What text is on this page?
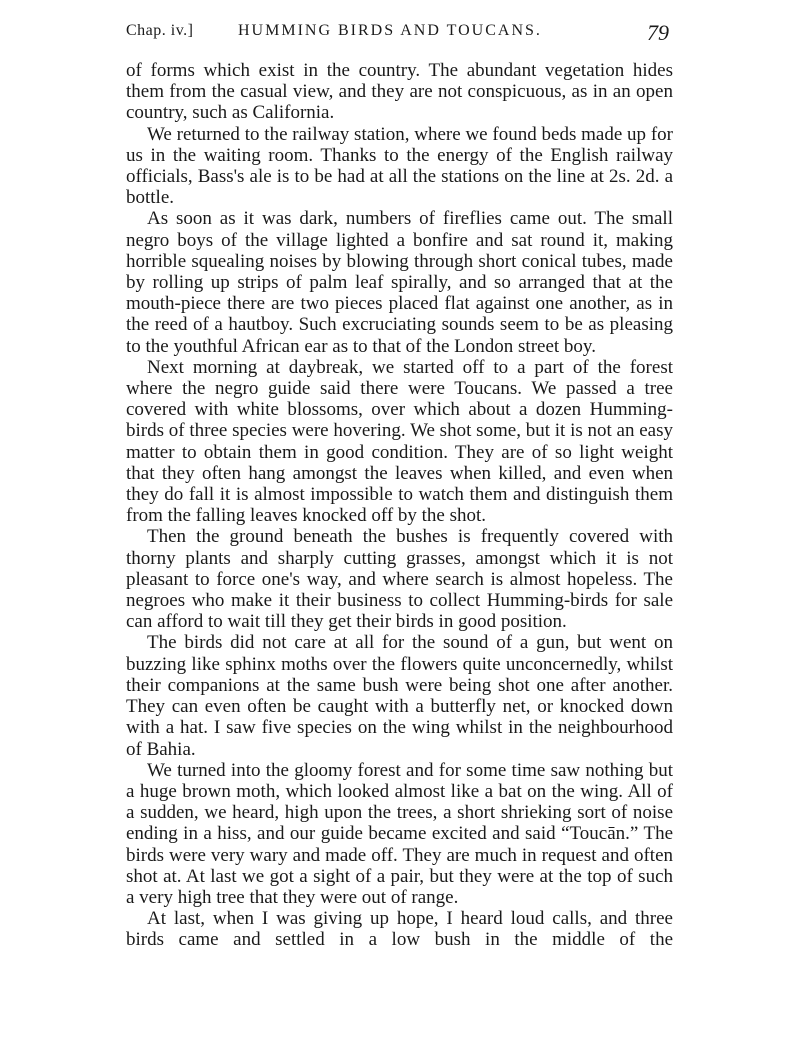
Chap. iv.]	HUMMING BIRDS AND TOUCANS.	79

of forms which exist in the country. The abundant vegetation hides them from the casual view, and they are not conspicuous, as in an open country, such as California.

We returned to the railway station, where we found beds made up for us in the waiting room. Thanks to the energy of the English railway officials, Bass's ale is to be had at all the stations on the line at 2s. 2d. a bottle.

As soon as it was dark, numbers of fireflies came out. The small negro boys of the village lighted a bonfire and sat round it, making horrible squealing noises by blowing through short conical tubes, made by rolling up strips of palm leaf spirally, and so arranged that at the mouth-piece there are two pieces placed flat against one another, as in the reed of a hautboy. Such excruciating sounds seem to be as pleasing to the youthful African ear as to that of the London street boy.

Next morning at daybreak, we started off to a part of the forest where the negro guide said there were Toucans. We passed a tree covered with white blossoms, over which about a dozen Humming-birds of three species were hovering. We shot some, but it is not an easy matter to obtain them in good condition. They are of so light weight that they often hang amongst the leaves when killed, and even when they do fall it is almost impossible to watch them and distinguish them from the falling leaves knocked off by the shot.

Then the ground beneath the bushes is frequently covered with thorny plants and sharply cutting grasses, amongst which it is not pleasant to force one's way, and where search is almost hopeless. The negroes who make it their business to collect Humming-birds for sale can afford to wait till they get their birds in good position.

The birds did not care at all for the sound of a gun, but went on buzzing like sphinx moths over the flowers quite unconcernedly, whilst their companions at the same bush were being shot one after another. They can even often be caught with a butterfly net, or knocked down with a hat. I saw five species on the wing whilst in the neighbourhood of Bahia.

We turned into the gloomy forest and for some time saw nothing but a huge brown moth, which looked almost like a bat on the wing. All of a sudden, we heard, high upon the trees, a short shrieking sort of noise ending in a hiss, and our guide became excited and said “Toucān.” The birds were very wary and made off. They are much in request and often shot at. At last we got a sight of a pair, but they were at the top of such a very high tree that they were out of range.

At last, when I was giving up hope, I heard loud calls, and three birds came and settled in a low bush in the middle of the
